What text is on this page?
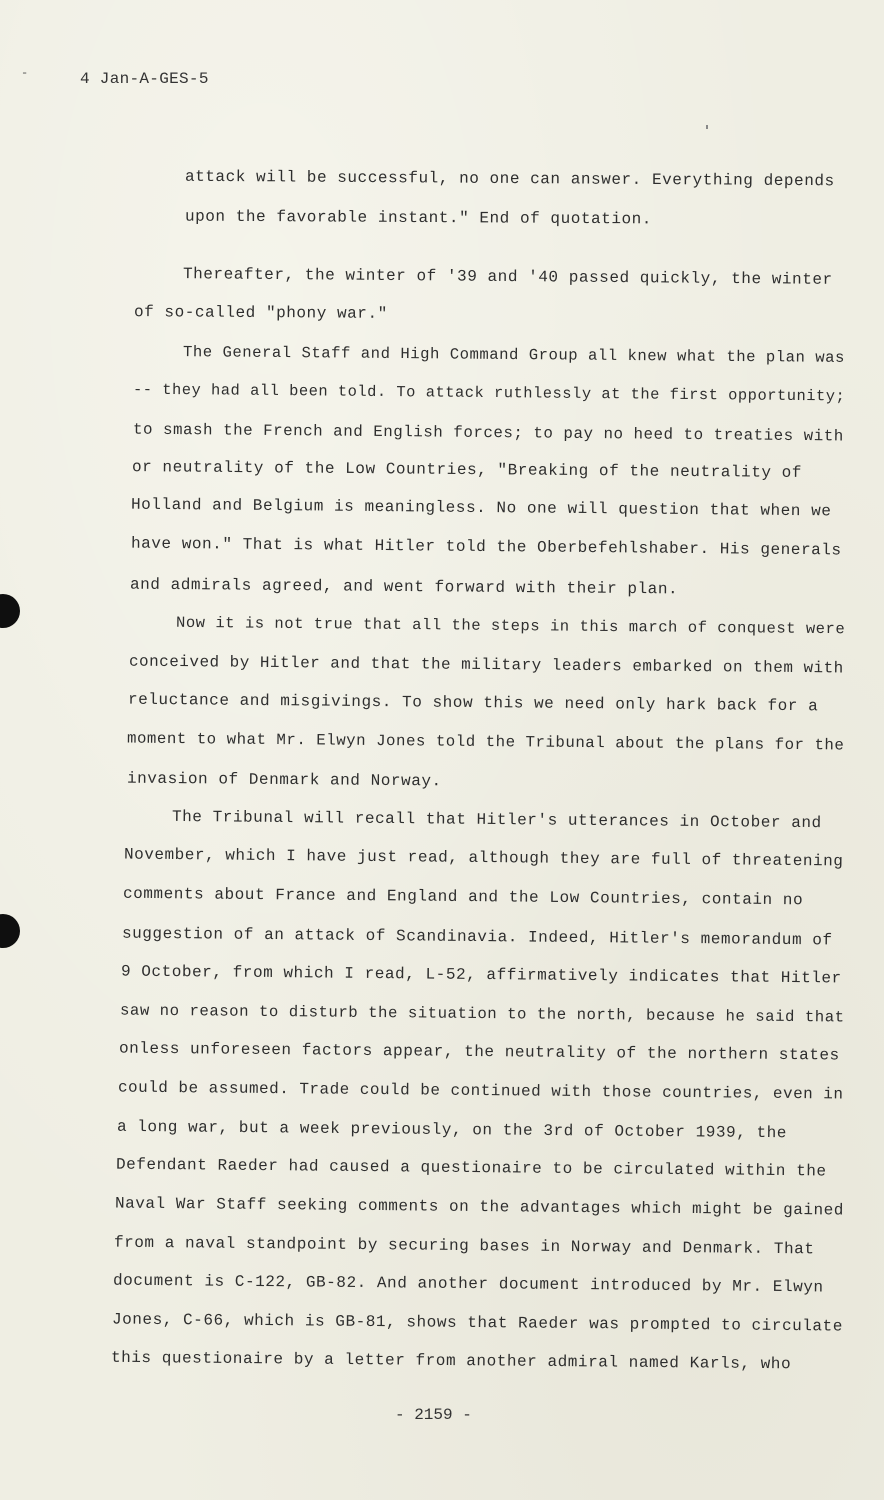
-	4 Jan-A-GES-5
attack will be successful, no one can answer. Everything depends
upon the favorable instant." End of quotation.
Thereafter, the winter of '39 and '40 passed quickly, the winter
of so-called "phony war."
The General Staff and High Command Group all knew what the plan was
-- they had all been told. To attack ruthlessly at the first opportunity;
to smash the French and English forces; to pay no heed to treaties with
or neutrality of the Low Countries, "Breaking of the neutrality of
Holland and Belgium is meaningless. No one will question that when we
have won." That is what Hitler told the Oberbefehlshaber. His generals
and admirals agreed, and went forward with their plan.
Now it is not true that all the steps in this march of conquest were
conceived by Hitler and that the military leaders embarked on them with
reluctance and misgivings. To show this we need only hark back for a
moment to what Mr. Elwyn Jones told the Tribunal about the plans for the
invasion of Denmark and Norway.
The Tribunal will recall that Hitler's utterances in October and
November, which I have just read, although they are full of threatening
comments about France and England and the Low Countries, contain no
suggestion of an attack of Scandinavia. Indeed, Hitler's memorandum of
9 October, from which I read, L-52, affirmatively indicates that Hitler
saw no reason to disturb the situation to the north, because he said that
onless unforeseen factors appear, the neutrality of the northern states
could be assumed. Trade could be continued with those countries, even in
a long war, but a week previously, on the 3rd of October 1939, the
Defendant Raeder had caused a questionaire to be circulated within the
Naval War Staff seeking comments on the advantages which might be gained
from a naval standpoint by securing bases in Norway and Denmark. That
document is C-122, GB-82. And another document introduced by Mr. Elwyn
Jones, C-66, which is GB-81, shows that Raeder was prompted to circulate
this questionaire by a letter from another admiral named Karls, who
- 2159 -
